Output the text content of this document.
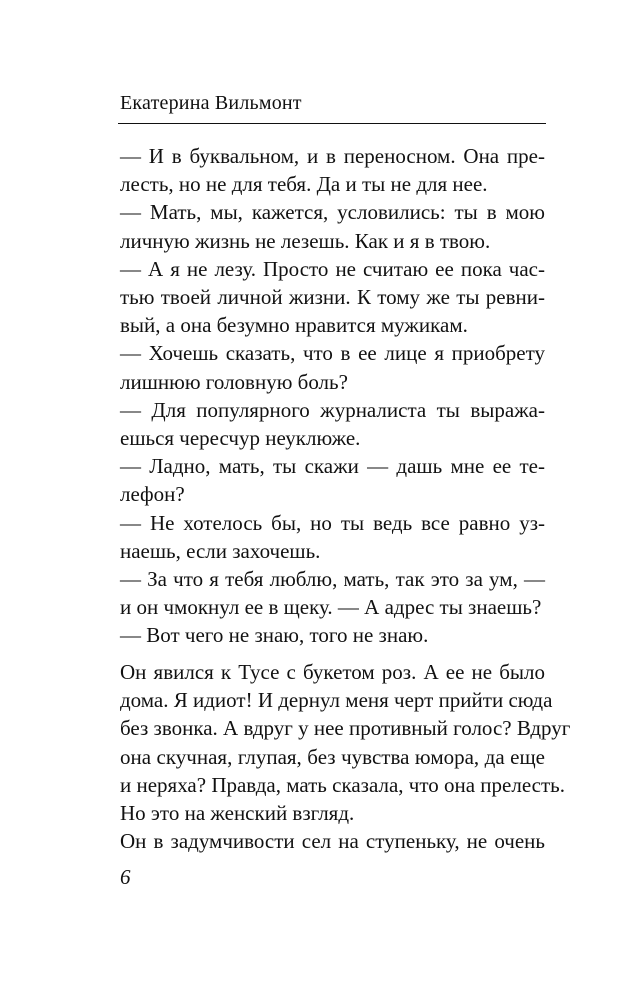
Екатерина Вильмонт
— И в буквальном, и в переносном. Она пре-
лесть, но не для тебя. Да и ты не для нее.
— Мать, мы, кажется, условились: ты в мою
личную жизнь не лезешь. Как и я в твою.
— А я не лезу. Просто не считаю ее пока час-
тью твоей личной жизни. К тому же ты ревни-
вый, а она безумно нравится мужикам.
— Хочешь сказать, что в ее лице я приобрету
лишнюю головную боль?
— Для популярного журналиста ты выража-
ешься чересчур неуклюже.
— Ладно, мать, ты скажи — дашь мне ее те-
лефон?
— Не хотелось бы, но ты ведь все равно уз-
наешь, если захочешь.
— За что я тебя люблю, мать, так это за ум, —
и он чмокнул ее в щеку. — А адрес ты знаешь?
— Вот чего не знаю, того не знаю.
Он явился к Тусе с букетом роз. А ее не было
дома. Я идиот! И дернул меня черт прийти сюда
без звонка. А вдруг у нее противный голос? Вдруг
она скучная, глупая, без чувства юмора, да еще
и неряха? Правда, мать сказала, что она прелесть.
Но это на женский взгляд.
Он в задумчивости сел на ступеньку, не очень
6
